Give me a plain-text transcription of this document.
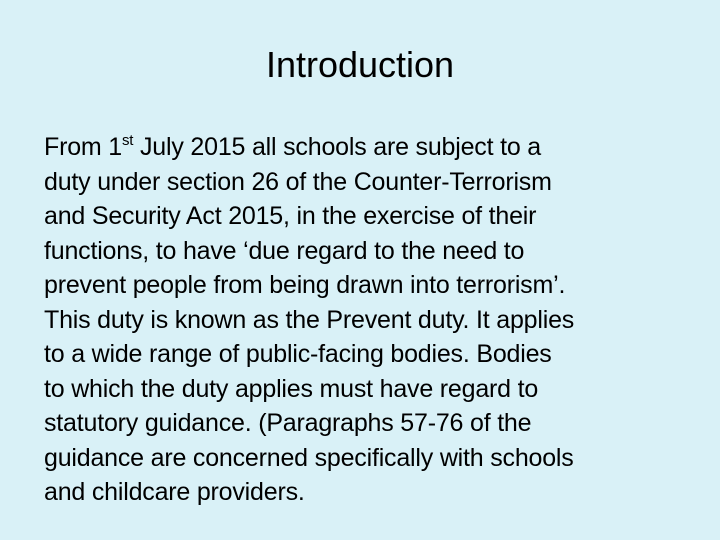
Introduction
From 1st July 2015 all schools are subject to a
duty under section 26 of the Counter-Terrorism
and Security Act 2015, in the exercise of their
functions, to have ‘due regard to the need to
prevent people from being drawn into terrorism’.
This duty is known as the Prevent duty. It applies
to a wide range of public-facing bodies. Bodies
to which the duty applies must have regard to
statutory guidance. (Paragraphs 57-76 of the
guidance are concerned specifically with schools
and childcare providers.
